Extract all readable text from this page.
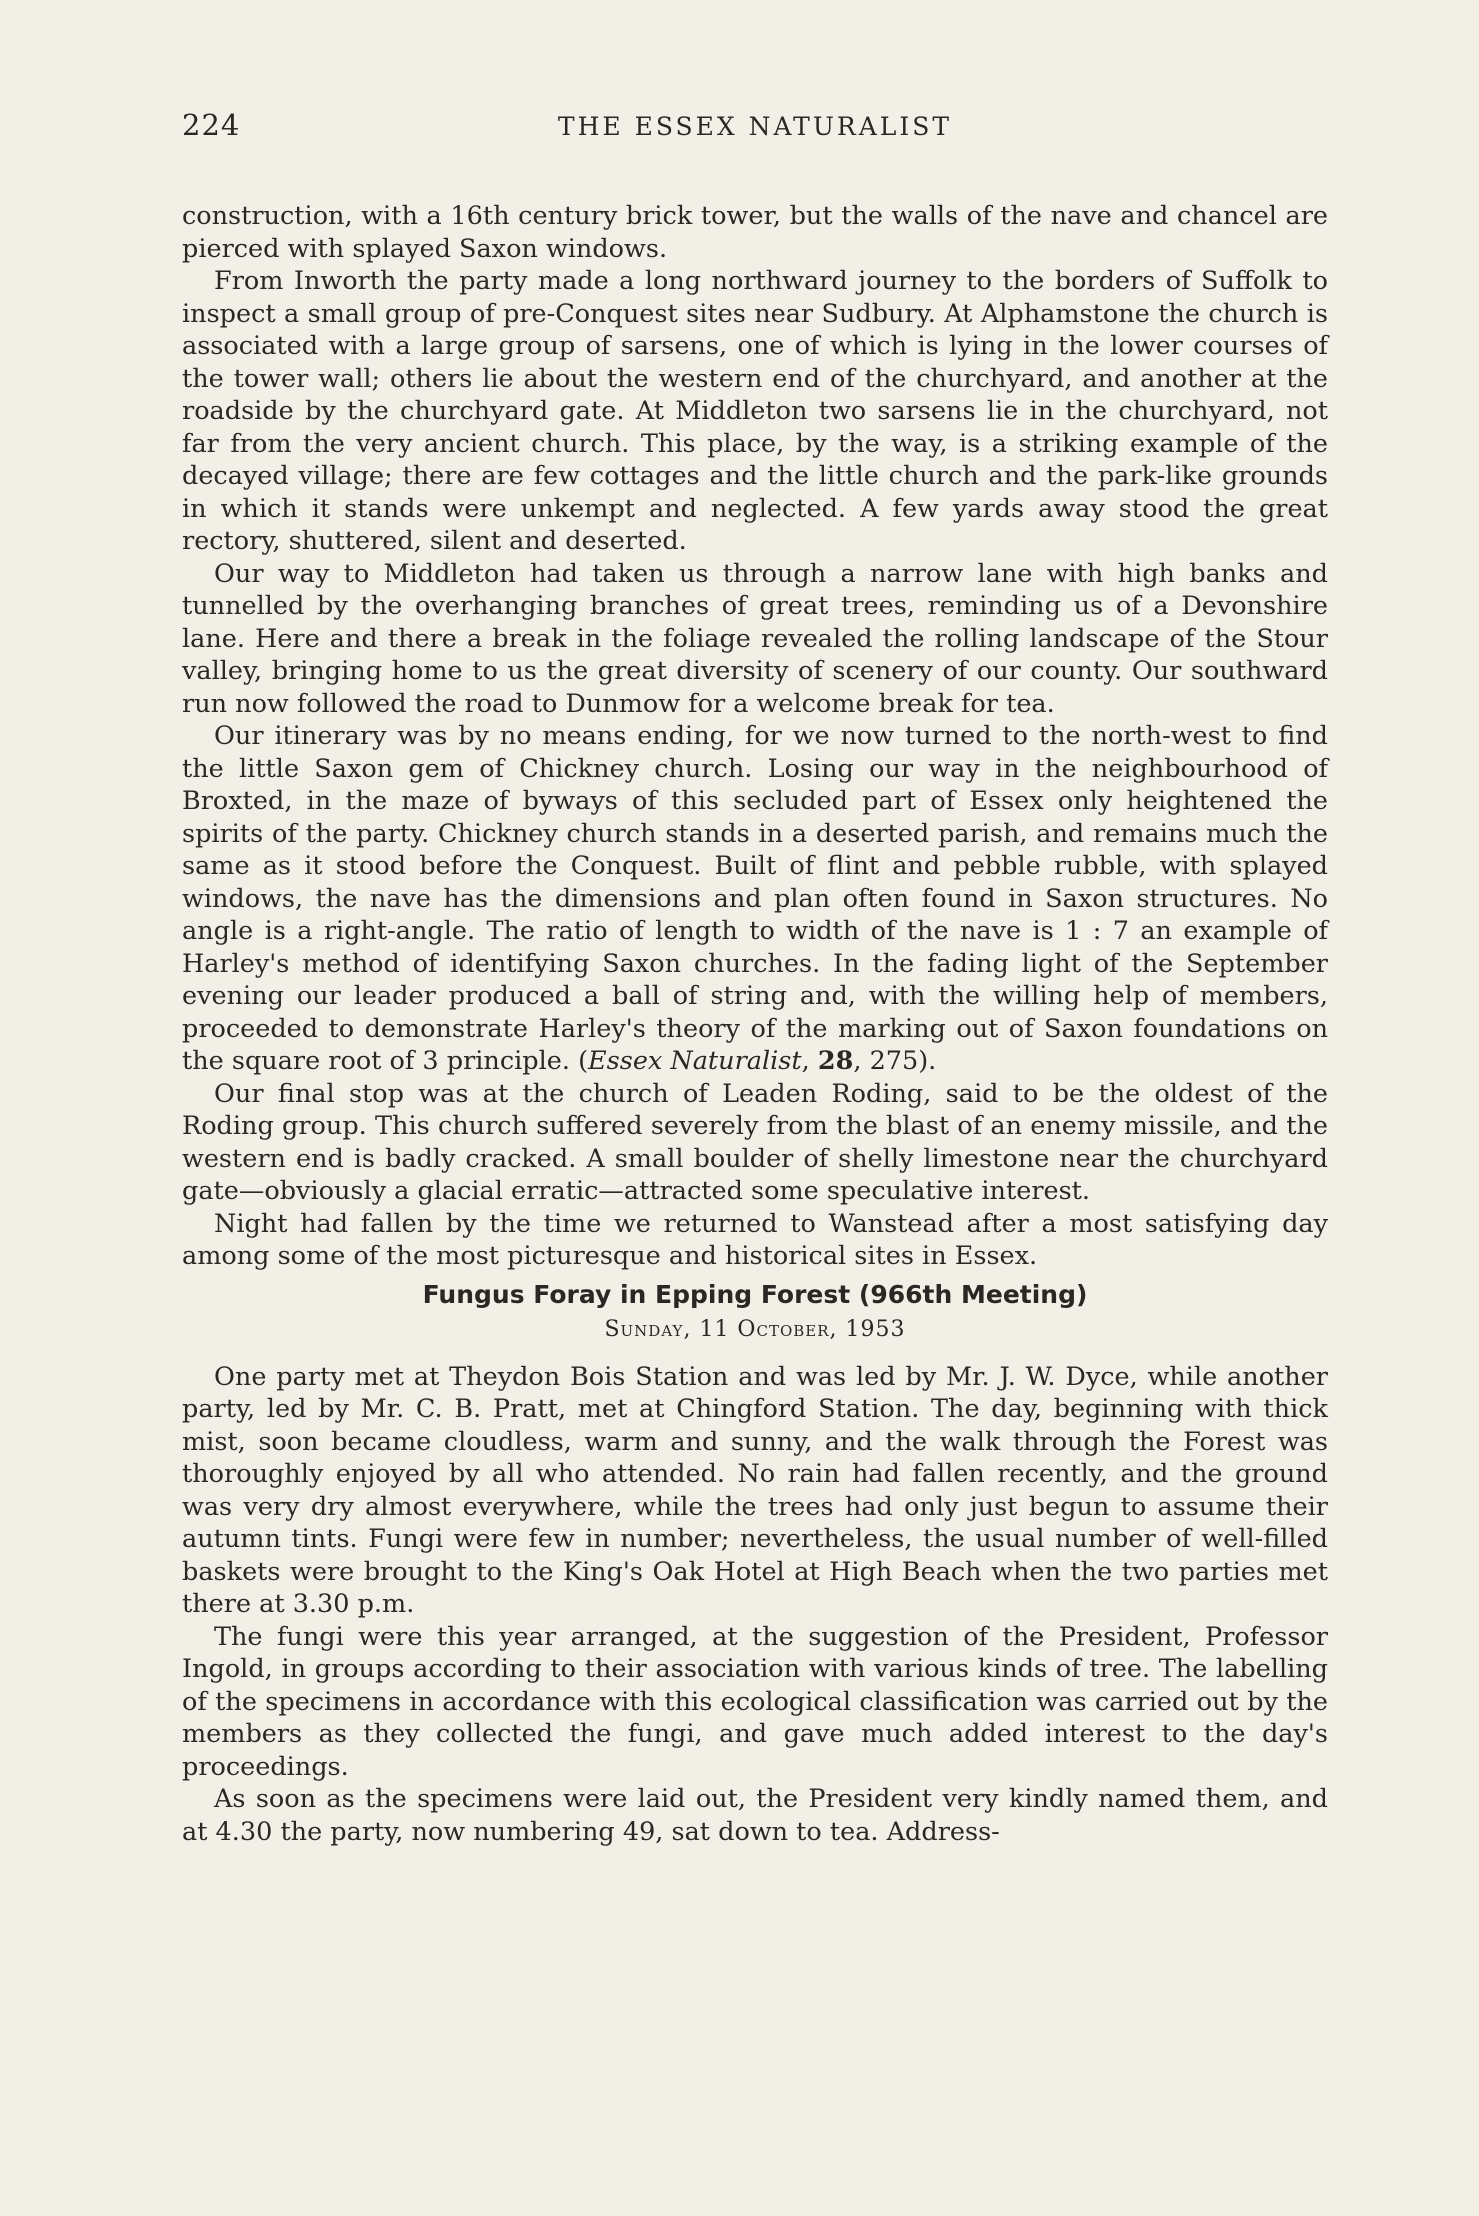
224	THE ESSEX NATURALIST

construction, with a 16th century brick tower, but the walls of the nave and chancel are pierced with splayed Saxon windows.

From Inworth the party made a long northward journey to the borders of Suffolk to inspect a small group of pre-Conquest sites near Sudbury. At Alphamstone the church is associated with a large group of sarsens, one of which is lying in the lower courses of the tower wall; others lie about the western end of the churchyard, and another at the roadside by the churchyard gate. At Middleton two sarsens lie in the churchyard, not far from the very ancient church. This place, by the way, is a striking example of the decayed village; there are few cottages and the little church and the park-like grounds in which it stands were unkempt and neglected. A few yards away stood the great rectory, shuttered, silent and deserted.

Our way to Middleton had taken us through a narrow lane with high banks and tunnelled by the overhanging branches of great trees, reminding us of a Devonshire lane. Here and there a break in the foliage revealed the rolling landscape of the Stour valley, bringing home to us the great diversity of scenery of our county. Our southward run now followed the road to Dunmow for a welcome break for tea.

Our itinerary was by no means ending, for we now turned to the north-west to find the little Saxon gem of Chickney church. Losing our way in the neighbourhood of Broxted, in the maze of byways of this secluded part of Essex only heightened the spirits of the party. Chickney church stands in a deserted parish, and remains much the same as it stood before the Conquest. Built of flint and pebble rubble, with splayed windows, the nave has the dimensions and plan often found in Saxon structures. No angle is a right-angle. The ratio of length to width of the nave is 1 : 7 an example of Harley's method of identifying Saxon churches. In the fading light of the September evening our leader produced a ball of string and, with the willing help of members, proceeded to demonstrate Harley's theory of the marking out of Saxon foundations on the square root of 3 principle. (Essex Naturalist, 28, 275).

Our final stop was at the church of Leaden Roding, said to be the oldest of the Roding group. This church suffered severely from the blast of an enemy missile, and the western end is badly cracked. A small boulder of shelly limestone near the churchyard gate—obviously a glacial erratic—attracted some speculative interest.

Night had fallen by the time we returned to Wanstead after a most satisfying day among some of the most picturesque and historical sites in Essex.

Fungus Foray in Epping Forest (966th Meeting)
Sunday, 11 October, 1953

One party met at Theydon Bois Station and was led by Mr. J. W. Dyce, while another party, led by Mr. C. B. Pratt, met at Chingford Station. The day, beginning with thick mist, soon became cloudless, warm and sunny, and the walk through the Forest was thoroughly enjoyed by all who attended. No rain had fallen recently, and the ground was very dry almost everywhere, while the trees had only just begun to assume their autumn tints. Fungi were few in number; nevertheless, the usual number of well-filled baskets were brought to the King's Oak Hotel at High Beach when the two parties met there at 3.30 p.m.

The fungi were this year arranged, at the suggestion of the President, Professor Ingold, in groups according to their association with various kinds of tree. The labelling of the specimens in accordance with this ecological classification was carried out by the members as they collected the fungi, and gave much added interest to the day's proceedings.

As soon as the specimens were laid out, the President very kindly named them, and at 4.30 the party, now numbering 49, sat down to tea. Address-
